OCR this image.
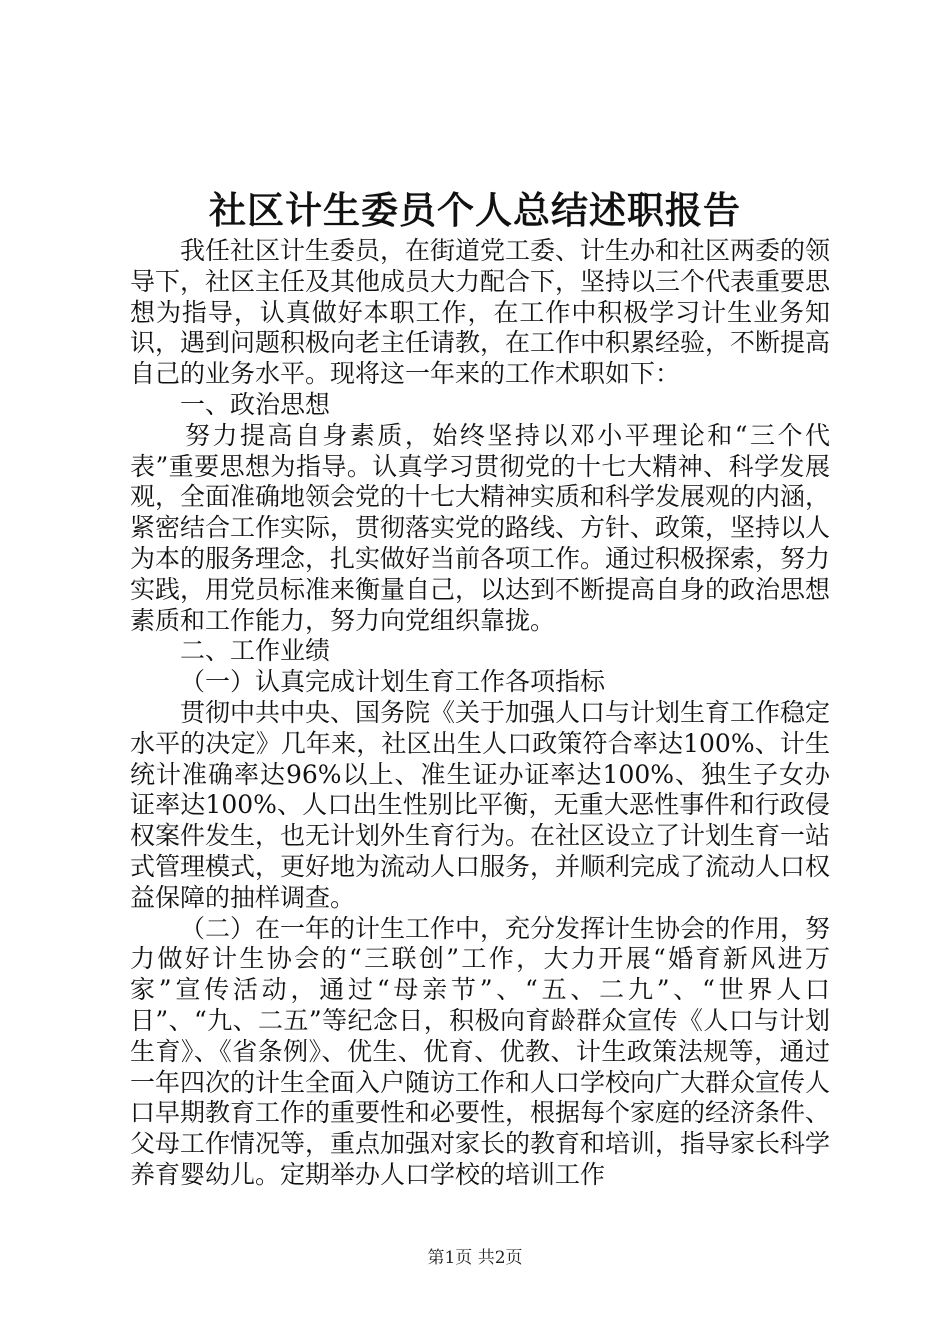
社区计生委员个人总结述职报告

我任社区计生委员，在街道党工委、计生办和社区两委的领导下，社区主任及其他成员大力配合下，坚持以三个代表重要思想为指导，认真做好本职工作，在工作中积极学习计生业务知识，遇到问题积极向老主任请教，在工作中积累经验，不断提高自己的业务水平。现将这一年来的工作术职如下：

一、政治思想

努力提高自身素质，始终坚持以邓小平理论和“三个代表”重要思想为指导。认真学习贯彻党的十七大精神、科学发展观，全面准确地领会党的十七大精神实质和科学发展观的内涵，紧密结合工作实际，贯彻落实党的路线、方针、政策，坚持以人为本的服务理念，扎实做好当前各项工作。通过积极探索，努力实践，用党员标准来衡量自己，以达到不断提高自身的政治思想素质和工作能力，努力向党组织靠拢。

二、工作业绩

（一）认真完成计划生育工作各项指标

贯彻中共中央、国务院《关于加强人口与计划生育工作稳定水平的决定》几年来，社区出生人口政策符合率达100%、计生统计准确率达96%以上、准生证办证率达100%、独生子女办证率达100%、人口出生性别比平衡，无重大恶性事件和行政侵权案件发生，也无计划外生育行为。在社区设立了计划生育一站式管理模式，更好地为流动人口服务，并顺利完成了流动人口权益保障的抽样调查。

（二）在一年的计生工作中，充分发挥计生协会的作用，努力做好计生协会的“三联创”工作，大力开展“婚育新风进万家”宣传活动，通过“母亲节”、“五、二九”、“世界人口日”、“九、二五”等纪念日，积极向育龄群众宣传《人口与计划生育》、《省条例》、优生、优育、优教、计生政策法规等，通过一年四次的计生全面入户随访工作和人口学校向广大群众宣传人口早期教育工作的重要性和必要性，根据每个家庭的经济条件、父母工作情况等，重点加强对家长的教育和培训，指导家长科学养育婴幼儿。定期举办人口学校的培训工作

第1页 共2页
